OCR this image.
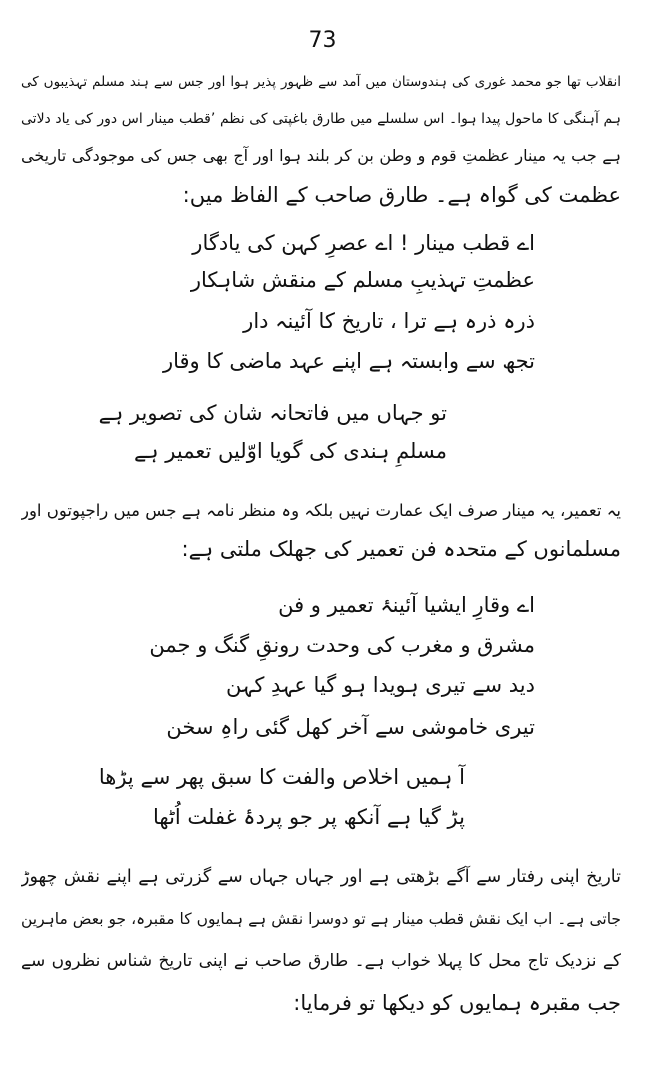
73
انقلاب تھا جو محمد غوری کی ہندوستان میں آمد سے ظہور پذیر ہوا اور جس سے ہند مسلم تہذیبوں کی
ہم آہنگی کا ماحول پیدا ہوا۔ اس سلسلے میں طارق باغپتی کی نظم ’قطب مینار اس دور کی یاد دلاتی
ہے جب یہ مینار عظمتِ قوم و وطن بن کر بلند ہوا اور آج بھی جس کی موجودگی تاریخی
عظمت کی گواہ ہے۔ طارق صاحب کے الفاظ میں:
اے قطب مینار ! اے عصرِ کہن کی یادگار
عظمتِ تہذیبِ مسلم کے منقش شاہکار
ذرہ ذرہ ہے ترا ، تاریخ کا آئینہ دار
تجھ سے وابستہ ہے اپنے عہد ماضی کا وقار
تو جہاں میں فاتحانہ شان کی تصویر ہے
مسلمِ ہندی کی گویا اوّلیں تعمیر ہے
یہ تعمیر، یہ مینار صرف ایک عمارت نہیں بلکہ وہ منظر نامہ ہے جس میں راجپوتوں اور
مسلمانوں کے متحدہ فن تعمیر کی جھلک ملتی ہے:
اے وقارِ ایشیا آئینۂ تعمیر و فن
مشرق و مغرب کی وحدت رونقِ گنگ و جمن
دید سے تیری ہویدا ہو گیا عہدِ کہن
تیری خاموشی سے آخر کھل گئی راہِ سخن
آ ہمیں اخلاص والفت کا سبق پھر سے پڑھا
پڑ گیا ہے آنکھ پر جو پردۂ غفلت اُٹھا
تاریخ اپنی رفتار سے آگے بڑھتی ہے اور جہاں جہاں سے گزرتی ہے اپنے نقش چھوڑ
جاتی ہے۔ اب ایک نقش قطب مینار ہے تو دوسرا نقش ہے ہمایوں کا مقبرہ، جو بعض ماہرین
کے نزدیک تاج محل کا پہلا خواب ہے۔ طارق صاحب نے اپنی تاریخ شناس نظروں سے
جب مقبرہ ہمایوں کو دیکھا تو فرمایا:
